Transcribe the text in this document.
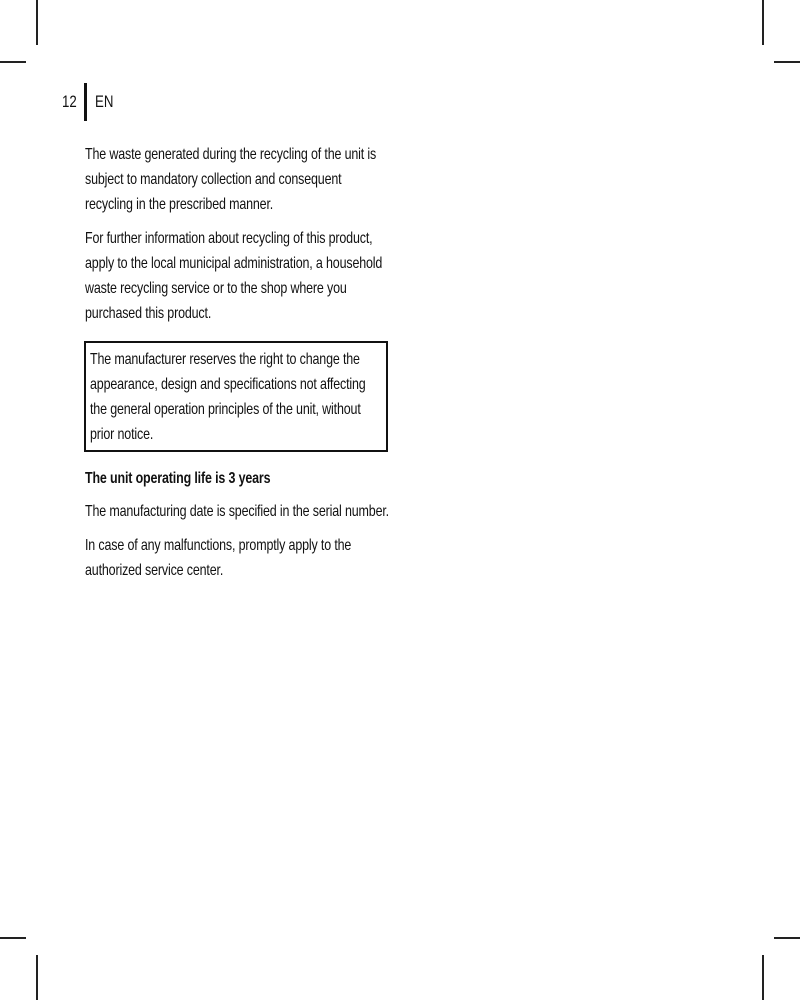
12 EN

The waste generated during the recycling of the unit is subject to mandatory collection and consequent recycling in the prescribed manner.

For further information about recycling of this product, apply to the local municipal administration, a household waste recycling service or to the shop where you purchased this product.

The manufacturer reserves the right to change the appearance, design and specifications not affecting the general operation principles of the unit, without prior notice.

The unit operating life is 3 years

The manufacturing date is specified in the serial number.

In case of any malfunctions, promptly apply to the authorized service center.
